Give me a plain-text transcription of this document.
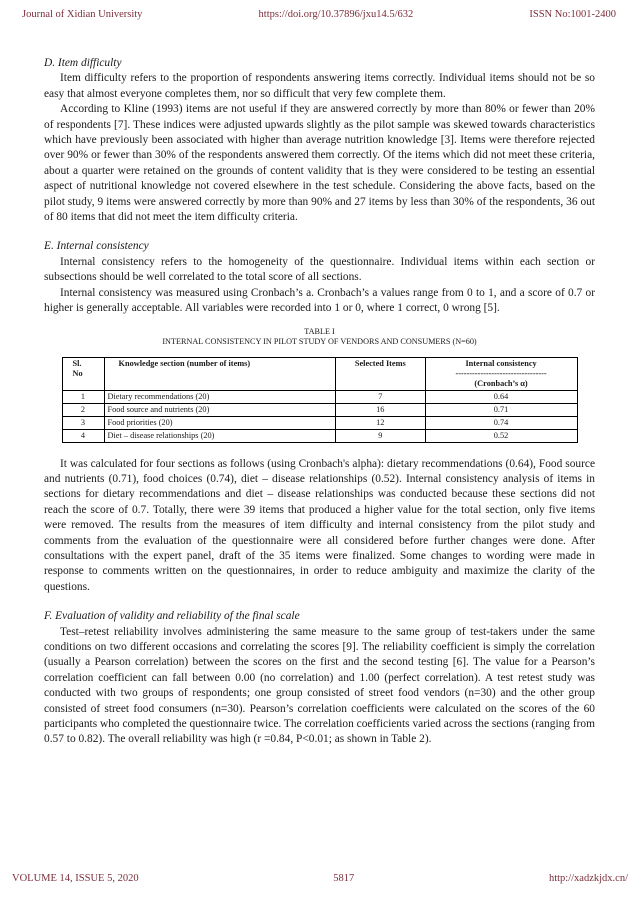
Journal of Xidian University	https://doi.org/10.37896/jxu14.5/632	ISSN No:1001-2400
D. Item difficulty

Item difficulty refers to the proportion of respondents answering items correctly. Individual items should not be so easy that almost everyone completes them, nor so difficult that very few complete them.

According to Kline (1993) items are not useful if they are answered correctly by more than 80% or fewer than 20% of respondents [7]. These indices were adjusted upwards slightly as the pilot sample was skewed towards characteristics which have previously been associated with higher than average nutrition knowledge [3]. Items were therefore rejected over 90% or fewer than 30% of the respondents answered them correctly. Of the items which did not meet these criteria, about a quarter were retained on the grounds of content validity that is they were considered to be testing an essential aspect of nutritional knowledge not covered elsewhere in the test schedule. Considering the above facts, based on the pilot study, 9 items were answered correctly by more than 90% and 27 items by less than 30% of the respondents, 36 out of 80 items that did not meet the item difficulty criteria.

E. Internal consistency

Internal consistency refers to the homogeneity of the questionnaire. Individual items within each section or subsections should be well correlated to the total score of all sections.

Internal consistency was measured using Cronbach’s a. Cronbach’s a values range from 0 to 1, and a score of 0.7 or higher is generally acceptable. All variables were recorded into 1 or 0, where 1 correct, 0 wrong [5].

TABLE I
INTERNAL CONSISTENCY IN PILOT STUDY OF VENDORS AND CONSUMERS (N=60)
Sl.
No	Knowledge section (number of items)	Selected Items	Internal consistency
---------------------------------
(Cronbach’s α)
1	Dietary recommendations (20)	7	0.64
2	Food source and nutrients (20)	16	0.71
3	Food priorities (20)	12	0.74
4	Diet – disease relationships (20)	9	0.52

It was calculated for four sections as follows (using Cronbach's alpha): dietary recommendations (0.64), Food source and nutrients (0.71), food choices (0.74), diet – disease relationships (0.52). Internal consistency analysis of items in sections for dietary recommendations and diet – disease relationships was conducted because these sections did not reach the score of 0.7. Totally, there were 39 items that produced a higher value for the total section, only five items were removed. The results from the measures of item difficulty and internal consistency from the pilot study and comments from the evaluation of the questionnaire were all considered before further changes were done. After consultations with the expert panel, draft of the 35 items were finalized. Some changes to wording were made in response to comments written on the questionnaires, in order to reduce ambiguity and maximize the clarity of the questions.

F. Evaluation of validity and reliability of the final scale

Test–retest reliability involves administering the same measure to the same group of test-takers under the same conditions on two different occasions and correlating the scores [9]. The reliability coefficient is simply the correlation (usually a Pearson correlation) between the scores on the first and the second testing [6]. The value for a Pearson’s correlation coefficient can fall between 0.00 (no correlation) and 1.00 (perfect correlation). A test retest study was conducted with two groups of respondents; one group consisted of street food vendors (n=30) and the other group consisted of street food consumers (n=30). Pearson’s correlation coefficients were calculated on the scores of the 60 participants who completed the questionnaire twice. The correlation coefficients varied across the sections (ranging from 0.57 to 0.82). The overall reliability was high (r =0.84, P<0.01; as shown in Table 2).

VOLUME 14, ISSUE 5, 2020	5817	http://xadzkjdx.cn/
